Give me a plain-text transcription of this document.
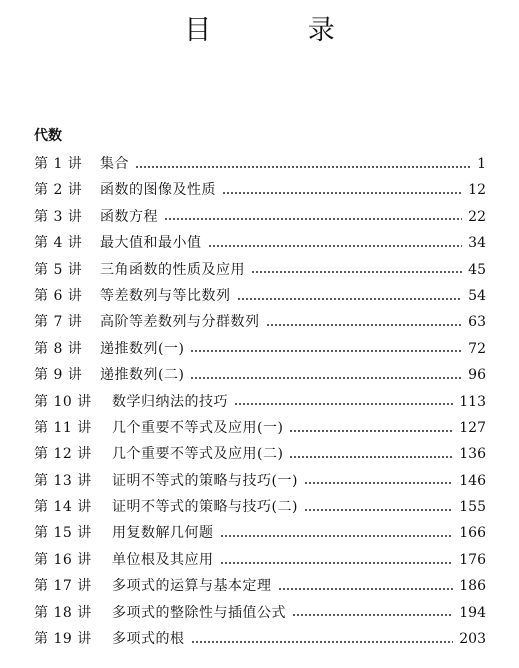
目 录
代数
第 1 讲	集合	1
第 2 讲	函数的图像及性质	12
第 3 讲	函数方程	22
第 4 讲	最大值和最小值	34
第 5 讲	三角函数的性质及应用	45
第 6 讲	等差数列与等比数列	54
第 7 讲	高阶等差数列与分群数列	63
第 8 讲	递推数列(一)	72
第 9 讲	递推数列(二)	96
第 10 讲	数学归纳法的技巧	113
第 11 讲	几个重要不等式及应用(一)	127
第 12 讲	几个重要不等式及应用(二)	136
第 13 讲	证明不等式的策略与技巧(一)	146
第 14 讲	证明不等式的策略与技巧(二)	155
第 15 讲	用复数解几何题	166
第 16 讲	单位根及其应用	176
第 17 讲	多项式的运算与基本定理	186
第 18 讲	多项式的整除性与插值公式	194
第 19 讲	多项式的根	203
